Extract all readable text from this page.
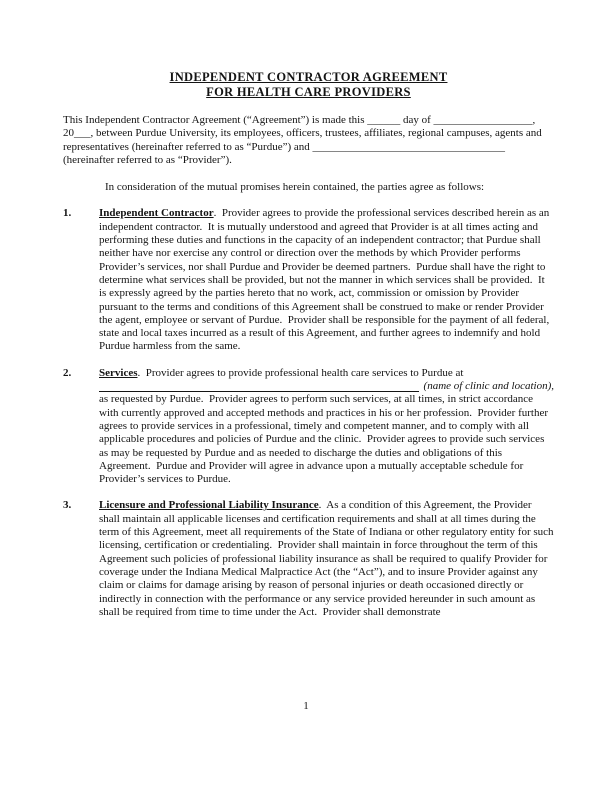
INDEPENDENT CONTRACTOR AGREEMENT
FOR HEALTH CARE PROVIDERS

This Independent Contractor Agreement (“Agreement”) is made this ______ day of __________________, 20___, between Purdue University, its employees, officers, trustees, affiliates, regional campuses, agents and representatives (hereinafter referred to as “Purdue”) and ___________________________________ (hereinafter referred to as “Provider”).

In consideration of the mutual promises herein contained, the parties agree as follows:

1.	Independent Contractor.  Provider agrees to provide the professional services described herein as an independent contractor.  It is mutually understood and agreed that Provider is at all times acting and performing these duties and functions in the capacity of an independent contractor; that Purdue shall neither have nor exercise any control or direction over the methods by which Provider performs Provider’s services, nor shall Purdue and Provider be deemed partners.  Purdue shall have the right to determine what services shall be provided, but not the manner in which services shall be provided.  It is expressly agreed by the parties hereto that no work, act, commission or omission by Provider pursuant to the terms and conditions of this Agreement shall be construed to make or render Provider the agent, employee or servant of Purdue.  Provider shall be responsible for the payment of all federal, state and local taxes incurred as a result of this Agreement, and further agrees to indemnify and hold Purdue harmless from the same.

2.	Services.  Provider agrees to provide professional health care services to Purdue at

(name of clinic and location),

as requested by Purdue.  Provider agrees to perform such services, at all times, in strict accordance with currently approved and accepted methods and practices in his or her profession.  Provider further agrees to provide services in a professional, timely and competent manner, and to comply with all applicable procedures and policies of Purdue and the clinic.  Provider agrees to provide such services as may be requested by Purdue and as needed to discharge the duties and obligations of this Agreement.  Purdue and Provider will agree in advance upon a mutually acceptable schedule for Provider’s services to Purdue.

3.	Licensure and Professional Liability Insurance.  As a condition of this Agreement, the Provider shall maintain all applicable licenses and certification requirements and shall at all times during the term of this Agreement, meet all requirements of the State of Indiana or other regulatory entity for such licensing, certification or credentialing.  Provider shall maintain in force throughout the term of this Agreement such policies of professional liability insurance as shall be required to qualify Provider for coverage under the Indiana Medical Malpractice Act (the “Act”), and to insure Provider against any claim or claims for damage arising by reason of personal injuries or death occasioned directly or indirectly in connection with the performance or any service provided hereunder in such amount as shall be required from time to time under the Act.  Provider shall demonstrate

1
